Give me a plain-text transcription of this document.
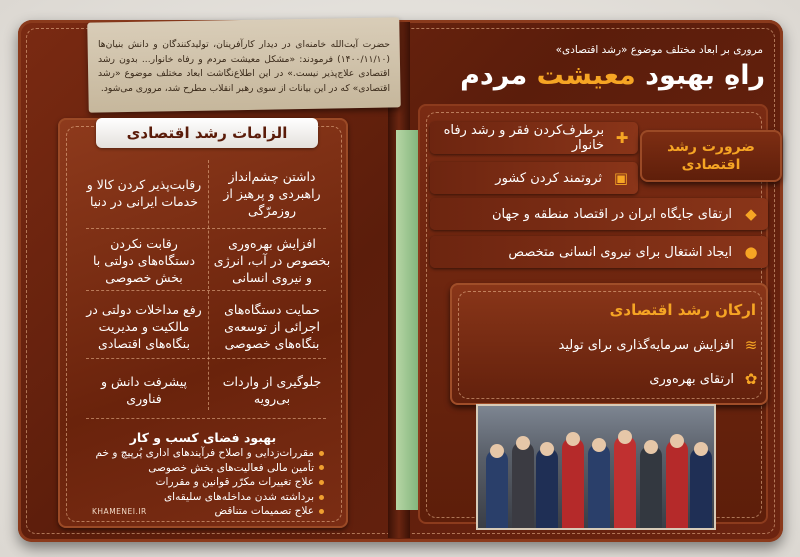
حضرت آیت‌الله خامنه‌ای در دیدار کارآفرینان، تولیدکنندگان و دانش بنیان‌ها (۱۴۰۰/۱۱/۱۰) فرمودند: «مشکل معیشت مردم و رفاه خانوار... بدون رشد اقتصادی علاج‌پذیر نیست.» در این اطلاع‌نگاشت ابعاد مختلف موضوع «رشد اقتصادی» که در این بیانات از سوی رهبر انقلاب مطرح شد، مروری می‌شود.
الزامات رشد اقتصادی
داشتن چشم‌انداز راهبردی و پرهیز از روزمرّگی
رقابت‌پذیر کردن کالا و خدمات ایرانی در دنیا
افزایش بهره‌وری بخصوص در آب، انرژی و نیروی انسانی
رقابت نکردن دستگاه‌های دولتی با بخش خصوصی
حمایت دستگاه‌های اجرائی از توسعه‌ی بنگاه‌های خصوصی
رفع مداخلات دولتی در مالکیت و مدیریت بنگاه‌های اقتصادی
جلوگیری از واردات بی‌رویه
پیشرفت دانش و فناوری
بهبود فضای کسب و کار
مقررات‌زدایی و اصلاح فرآیندهای اداری پُرپیچ و خم
تأمین مالی فعالیت‌های بخش خصوصی
علاج تغییرات مکرّر قوانین و مقررات
برداشته شدن مداخله‌های سلیقه‌ای
علاج تصمیمات متناقض
KHAMENEI.IR
مروری بر ابعاد مختلف موضوع «رشد اقتصادی»
راهِ بهبود معیشت مردم
✚
برطرف‌کردن فقر و رشد رفاه خانوار
▣
ثروتمند کردن کشور
◆
ارتقای جایگاه ایران در اقتصاد منطقه و جهان
●
ایجاد اشتغال برای نیروی انسانی متخصص
ضرورت رشد اقتصادی
ارکان رشد اقتصادی
≋
افزایش سرمایه‌گذاری برای تولید
✿
ارتقای بهره‌وری
